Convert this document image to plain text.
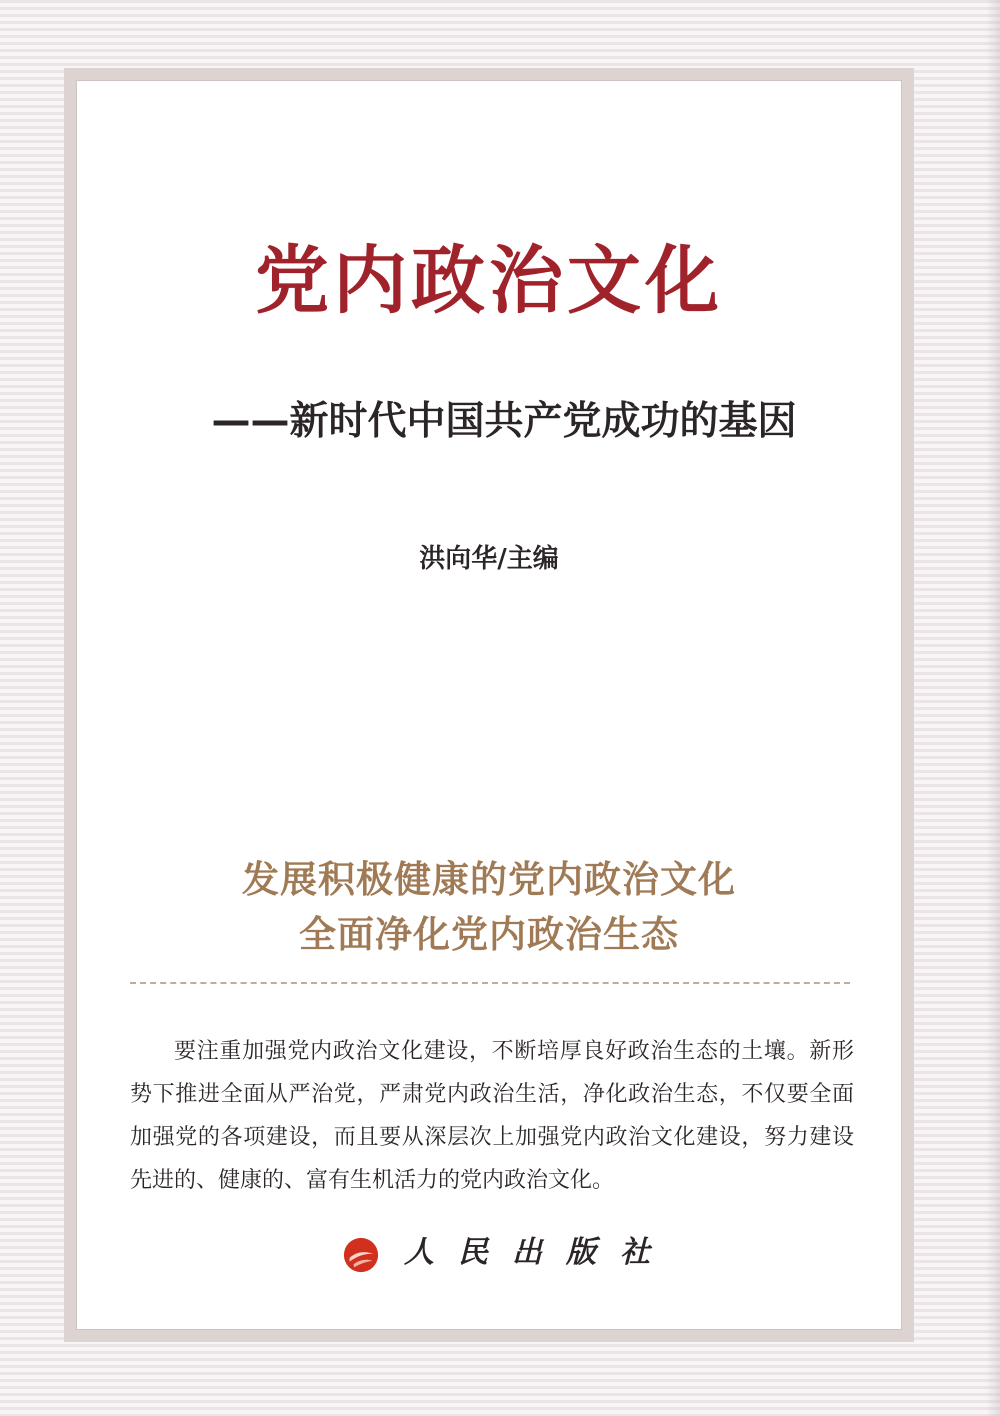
党内政治文化
——新时代中国共产党成功的基因
洪向华/主编
发展积极健康的党内政治文化
全面净化党内政治生态
要注重加强党内政治文化建设，不断培厚良好政治生态的土壤。新形势下推进全面从严治党，严肃党内政治生活，净化政治生态，不仅要全面加强党的各项建设，而且要从深层次上加强党内政治文化建设，努力建设先进的、健康的、富有生机活力的党内政治文化。
人民出版社
